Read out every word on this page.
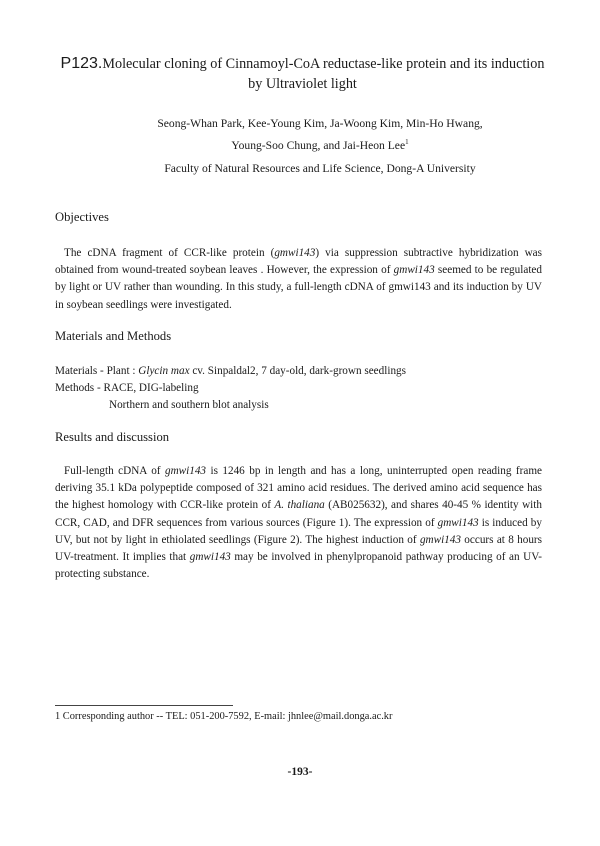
P123.Molecular cloning of Cinnamoyl-CoA reductase-like protein and its induction
by Ultraviolet light
Seong-Whan Park, Kee-Young Kim, Ja-Woong Kim, Min-Ho Hwang,
Young-Soo Chung, and Jai-Heon Lee$^1$
Faculty of Natural Resources and Life Science, Dong-A University
Objectives

The cDNA fragment of CCR-like protein (gmwi143) via suppression subtractive hybridization was obtained from wound-treated soybean leaves . However, the expression of gmwi143 seemed to be regulated by light or UV rather than wounding. In this study, a full-length cDNA of gmwi143 and its induction by UV in soybean seedlings were investigated.

Materials and Methods
Materials - Plant : Glycin max cv. Sinpaldal2, 7 day-old, dark-grown seedlings
Methods - RACE, DIG-labeling
Northern and southern blot analysis
Results and discussion

Full-length cDNA of gmwi143 is 1246 bp in length and has a long, uninterrupted open reading frame deriving 35.1 kDa polypeptide composed of 321 amino acid residues. The derived amino acid sequence has the highest homology with CCR-like protein of A. thaliana (AB025632), and shares 40-45 % identity with CCR, CAD, and DFR sequences from various sources (Figure 1). The expression of gmwi143 is induced by UV, but not by light in ethiolated seedlings (Figure 2). The highest induction of gmwi143 occurs at 8 hours UV-treatment. It implies that gmwi143 may be involved in phenylpropanoid pathway producing of an UV-protecting substance.

1 Corresponding author -- TEL: 051-200-7592, E-mail: jhnlee@mail.donga.ac.kr
-193-
